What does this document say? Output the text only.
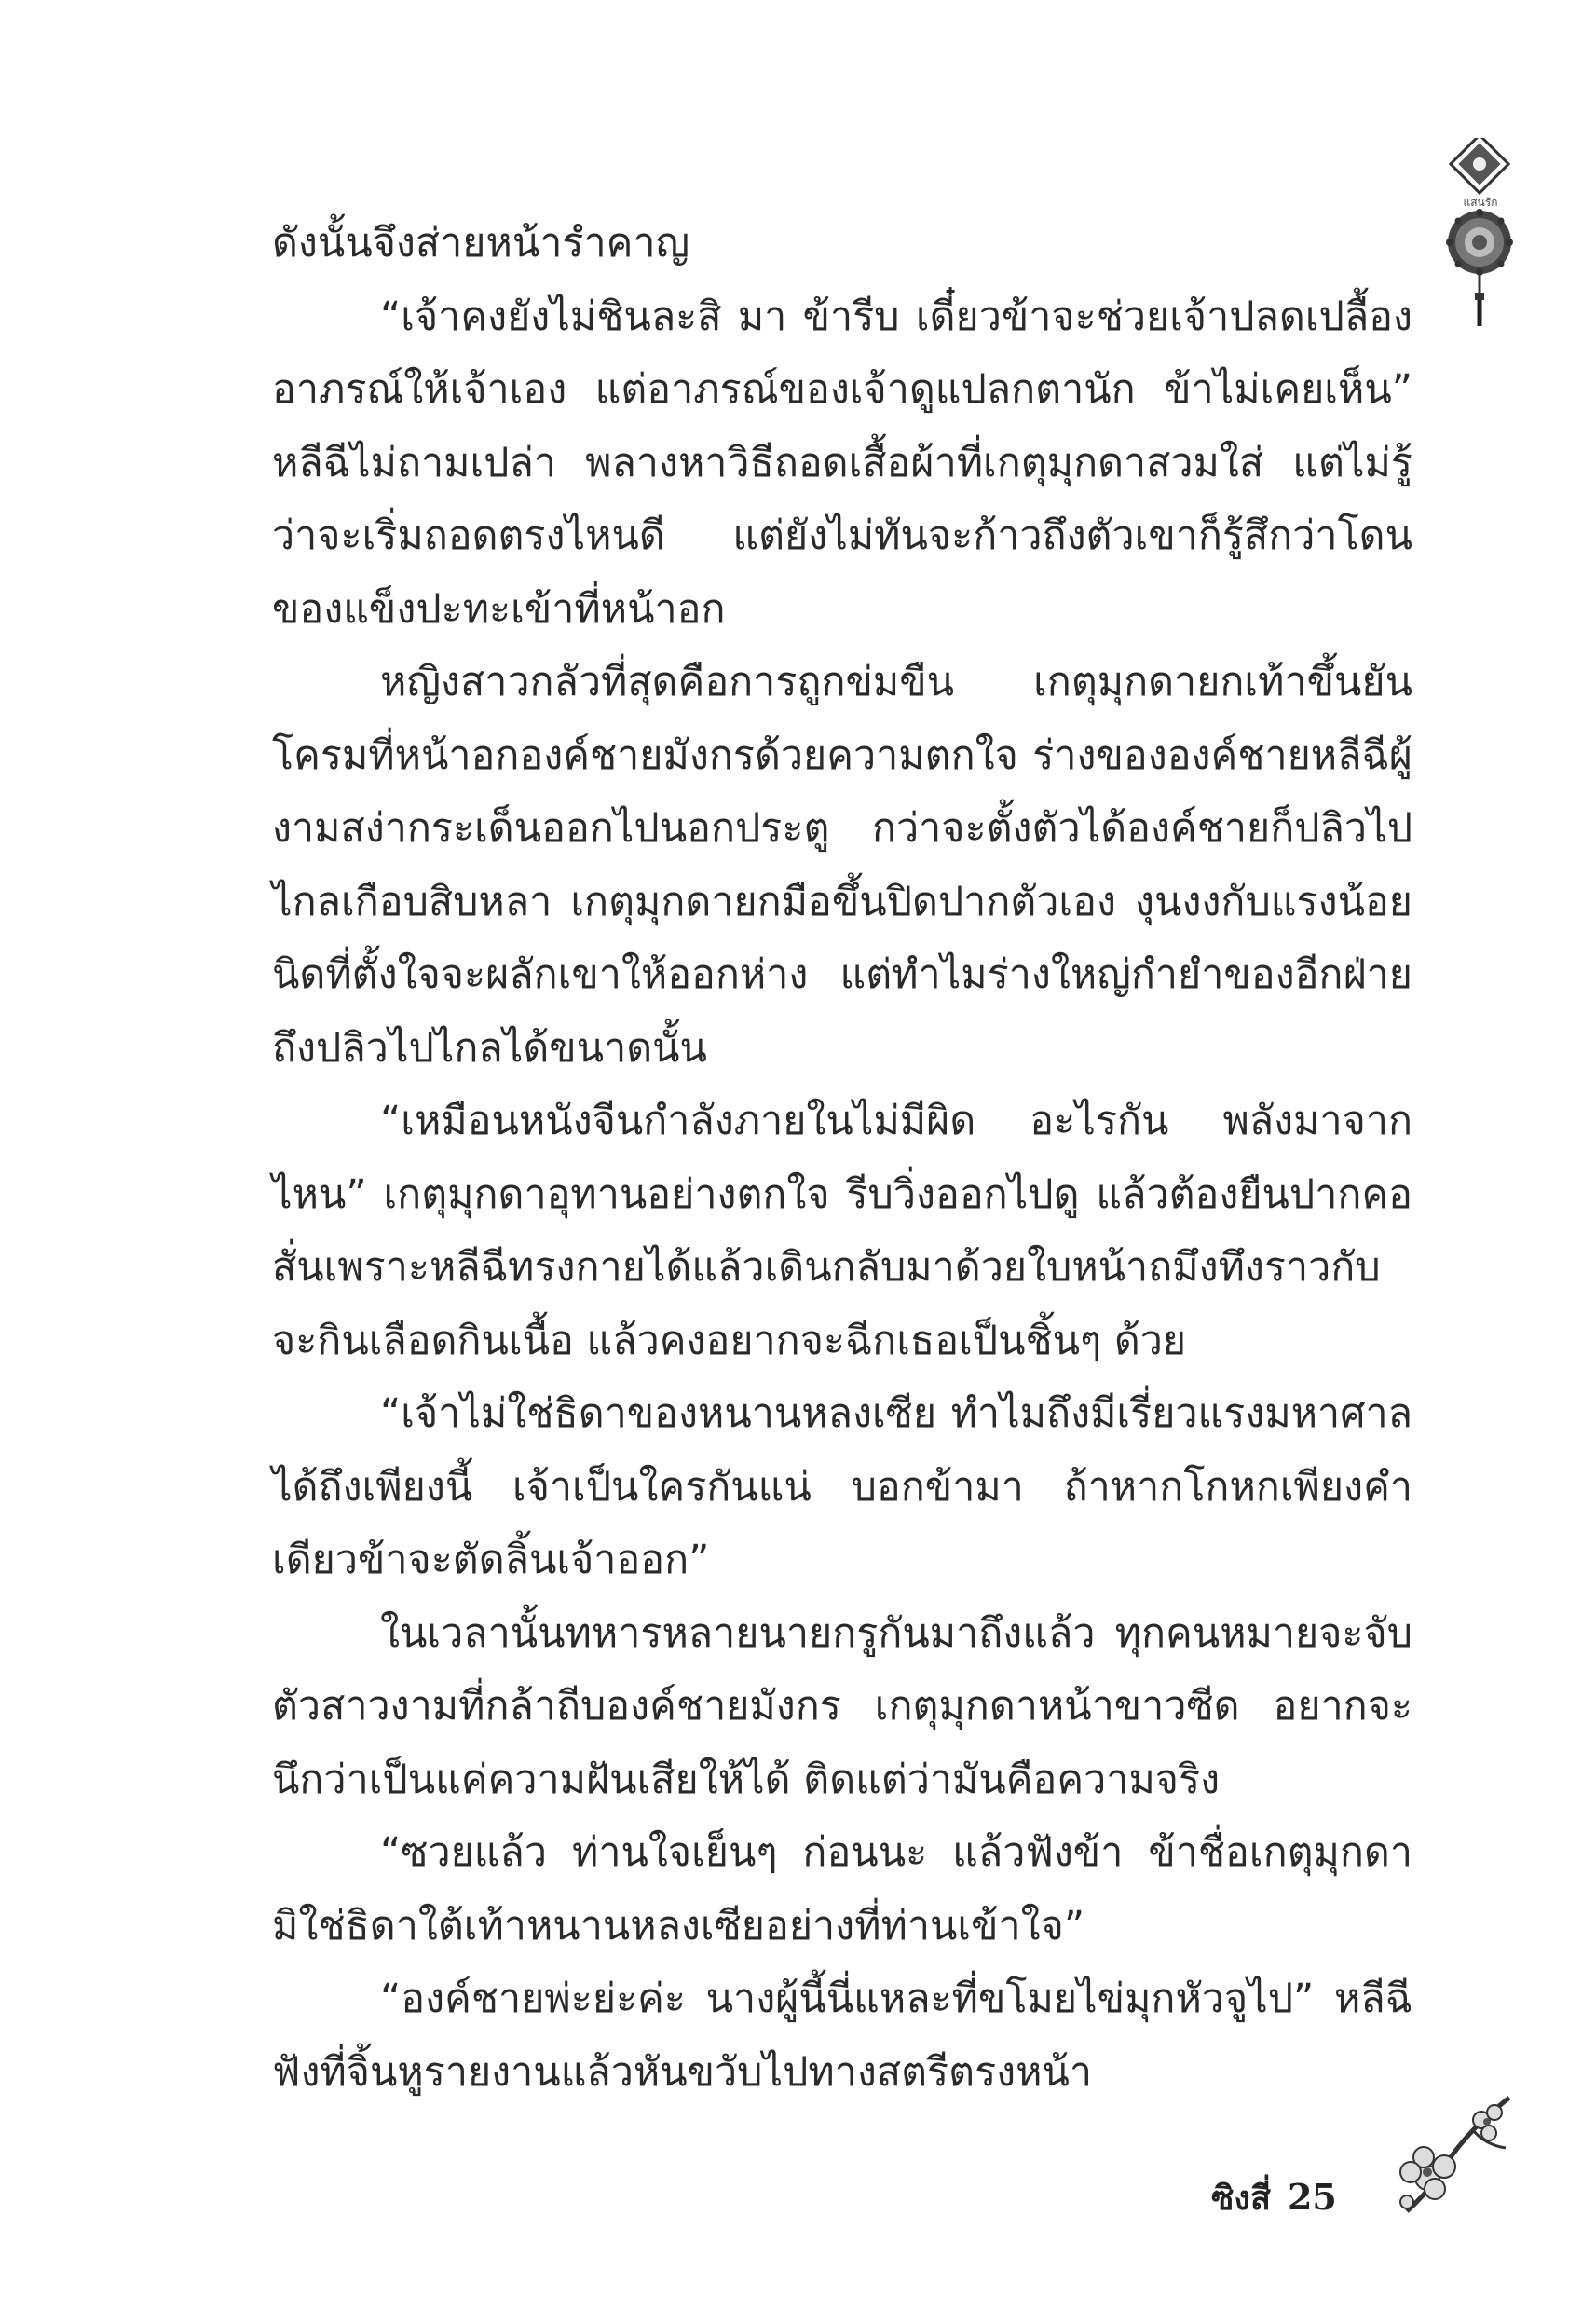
แสนรัก

ดังนั้นจึงส่ายหน้ารำคาญ

“เจ้าคงยังไม่ชินละสิ มา ข้ารีบ เดี๋ยวข้าจะช่วยเจ้าปลดเปลื้องอาภรณ์ให้เจ้าเอง แต่อาภรณ์ของเจ้าดูแปลกตานัก ข้าไม่เคยเห็น” หลีฉีไม่ถามเปล่า พลางหาวิธีถอดเสื้อผ้าที่เกตุมุกดาสวมใส่ แต่ไม่รู้ว่าจะเริ่มถอดตรงไหนดี แต่ยังไม่ทันจะก้าวถึงตัวเขาก็รู้สึกว่าโดนของแข็งปะทะเข้าที่หน้าอก

หญิงสาวกลัวที่สุดคือการถูกข่มขืน เกตุมุกดายกเท้าขึ้นยันโครมที่หน้าอกองค์ชายมังกรด้วยความตกใจ ร่างขององค์ชายหลีฉีผู้งามสง่ากระเด็นออกไปนอกประตู กว่าจะตั้งตัวได้องค์ชายก็ปลิวไปไกลเกือบสิบหลา เกตุมุกดายกมือขึ้นปิดปากตัวเอง งุนงงกับแรงน้อยนิดที่ตั้งใจจะผลักเขาให้ออกห่าง แต่ทำไมร่างใหญ่กำยำของอีกฝ่ายถึงปลิวไปไกลได้ขนาดนั้น

“เหมือนหนังจีนกำลังภายในไม่มีผิด อะไรกัน พลังมาจากไหน” เกตุมุกดาอุทานอย่างตกใจ รีบวิ่งออกไปดู แล้วต้องยืนปากคอสั่นเพราะหลีฉีทรงกายได้แล้วเดินกลับมาด้วยใบหน้าถมึงทึงราวกับจะกินเลือดกินเนื้อ แล้วคงอยากจะฉีกเธอเป็นชิ้นๆ ด้วย

“เจ้าไม่ใช่ธิดาของหนานหลงเซีย ทำไมถึงมีเรี่ยวแรงมหาศาลได้ถึงเพียงนี้ เจ้าเป็นใครกันแน่ บอกข้ามา ถ้าหากโกหกเพียงคำเดียวข้าจะตัดลิ้นเจ้าออก”

ในเวลานั้นทหารหลายนายกรูกันมาถึงแล้ว ทุกคนหมายจะจับตัวสาวงามที่กล้าถีบองค์ชายมังกร เกตุมุกดาหน้าขาวซีด อยากจะนึกว่าเป็นแค่ความฝันเสียให้ได้ ติดแต่ว่ามันคือความจริง

“ซวยแล้ว ท่านใจเย็นๆ ก่อนนะ แล้วฟังข้า ข้าชื่อเกตุมุกดา มิใช่ธิดาใต้เท้าหนานหลงเซียอย่างที่ท่านเข้าใจ”

“องค์ชายพ่ะย่ะค่ะ นางผู้นี้นี่แหละที่ขโมยไข่มุกหัวจูไป” หลีฉีฟังที่จิ้นหูรายงานแล้วหันขวับไปทางสตรีตรงหน้า

ซิงสี่ 25
